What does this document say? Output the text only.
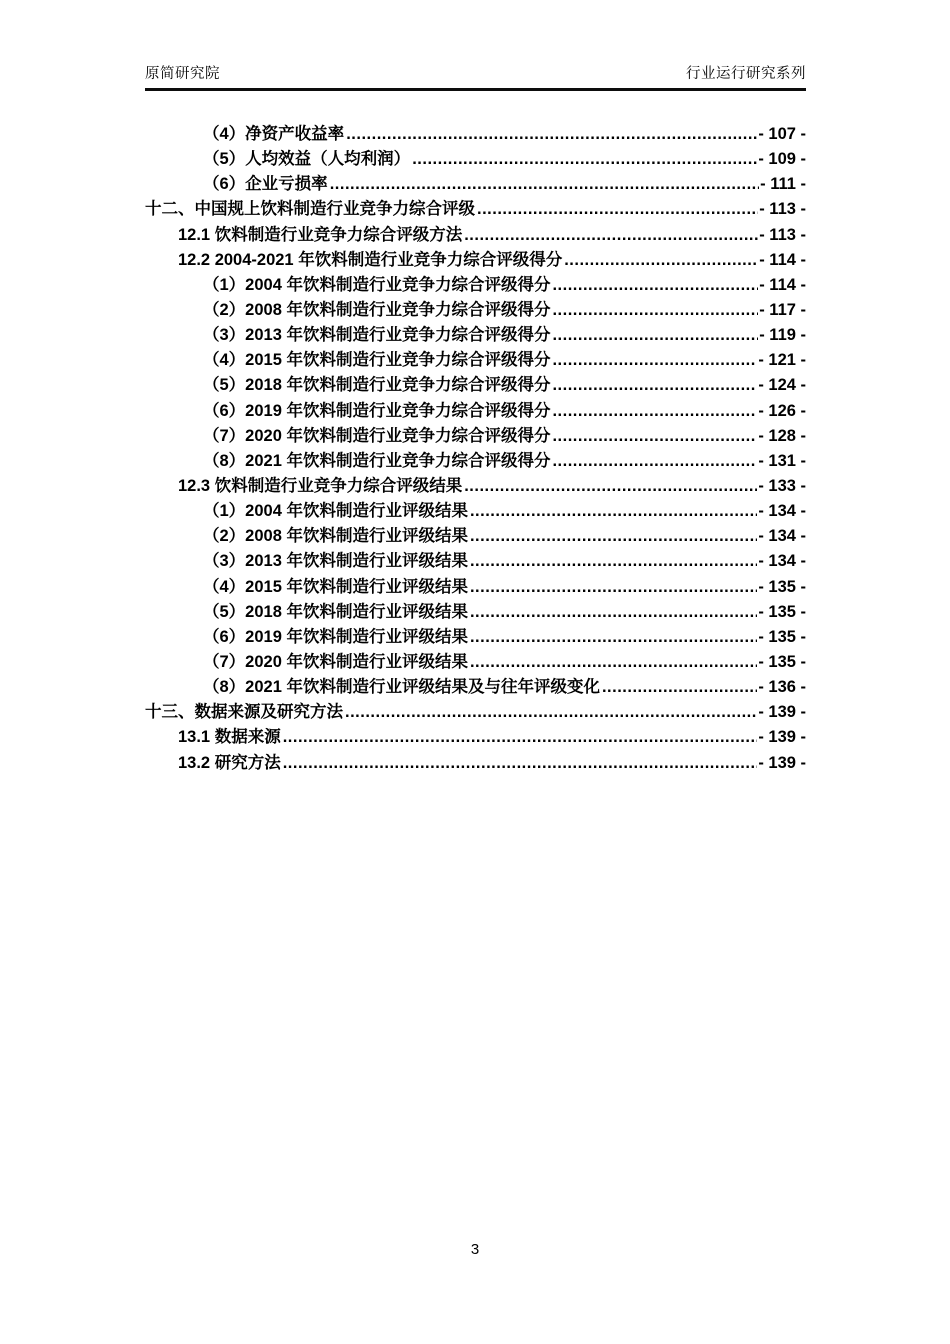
原简研究院	行业运行研究系列
（4）净资产收益率 .....	- 107 -
（5）人均效益（人均利润） .....	- 109 -
（6）企业亏损率 .....	- 111 -
十二、中国规上饮料制造行业竞争力综合评级 .....	- 113 -
12.1 饮料制造行业竞争力综合评级方法 .....	- 113 -
12.2 2004-2021 年饮料制造行业竞争力综合评级得分 .....	- 114 -
（1）2004 年饮料制造行业竞争力综合评级得分 .....	- 114 -
（2）2008 年饮料制造行业竞争力综合评级得分 .....	- 117 -
（3）2013 年饮料制造行业竞争力综合评级得分 .....	- 119 -
（4）2015 年饮料制造行业竞争力综合评级得分 .....	- 121 -
（5）2018 年饮料制造行业竞争力综合评级得分 .....	- 124 -
（6）2019 年饮料制造行业竞争力综合评级得分 .....	- 126 -
（7）2020 年饮料制造行业竞争力综合评级得分 .....	- 128 -
（8）2021 年饮料制造行业竞争力综合评级得分 .....	- 131 -
12.3 饮料制造行业竞争力综合评级结果 .....	- 133 -
（1）2004 年饮料制造行业评级结果 .....	- 134 -
（2）2008 年饮料制造行业评级结果 .....	- 134 -
（3）2013 年饮料制造行业评级结果 .....	- 134 -
（4）2015 年饮料制造行业评级结果 .....	- 135 -
（5）2018 年饮料制造行业评级结果 .....	- 135 -
（6）2019 年饮料制造行业评级结果 .....	- 135 -
（7）2020 年饮料制造行业评级结果 .....	- 135 -
（8）2021 年饮料制造行业评级结果及与往年评级变化 .....	- 136 -
十三、数据来源及研究方法 .....	- 139 -
13.1 数据来源 .....	- 139 -
13.2 研究方法 .....	- 139 -
3
